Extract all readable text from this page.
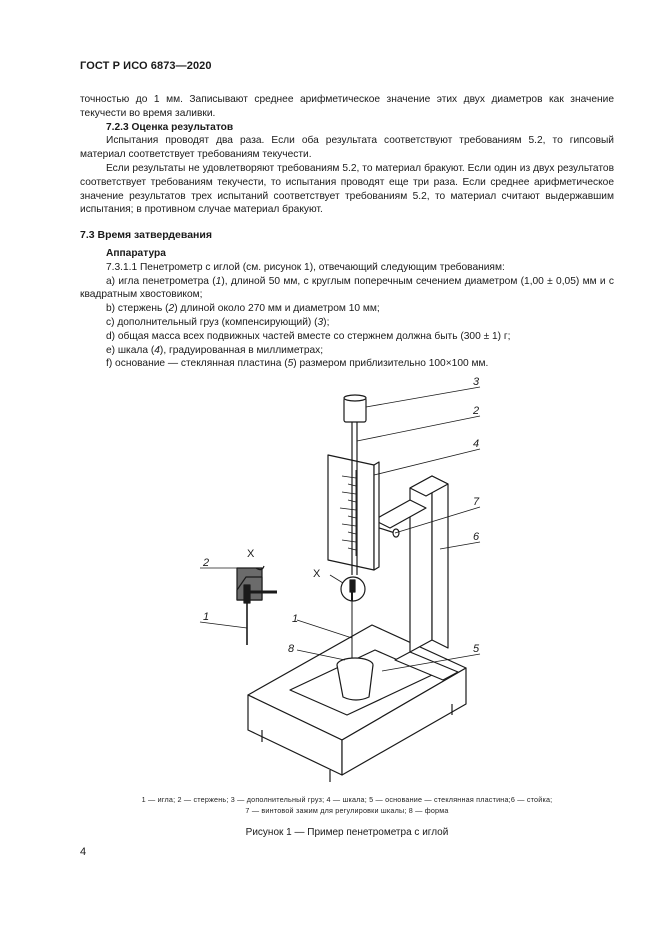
ГОСТ Р ИСО 6873—2020

точностью до 1 мм. Записывают среднее арифметическое значение этих двух диаметров как значение текучести во время заливки.

7.2.3 Оценка результатов

Испытания проводят два раза. Если оба результата соответствуют требованиям 5.2, то гипсовый материал соответствует требованиям текучести.

Если результаты не удовлетворяют требованиям 5.2, то материал бракуют. Если один из двух результатов соответствует требованиям текучести, то испытания проводят еще три раза. Если среднее арифметическое значение результатов трех испытаний соответствует требованиям 5.2, то материал считают выдержавшим испытания; в противном случае материал бракуют.

7.3 Время затвердевания
Аппаратура

7.3.1.1 Пенетрометр с иглой (см. рисунок 1), отвечающий следующим требованиям:

a) игла пенетрометра (1), длиной 50 мм, с круглым поперечным сечением диаметром (1,00 ± 0,05) мм и с квадратным хвостовиком;

b) стержень (2) длиной около 270 мм и диаметром 10 мм;

c) дополнительный груз (компенсирующий) (3);

d) общая масса всех подвижных частей вместе со стержнем должна быть (300 ± 1) г;

e) шкала (4), градуированная в миллиметрах;

f) основание — стеклянная пластина (5) размером приблизительно 100×100 мм.

3
2
4
7
6
X
1
8	5
X
2
1
1 — игла; 2 — стержень; 3 — дополнительный груз; 4 — шкала; 5 — основание — стеклянная пластина;6 — стойка;
7 — винтовой зажим для регулировки шкалы; 8 — форма
Рисунок 1 — Пример пенетрометра с иглой
4
